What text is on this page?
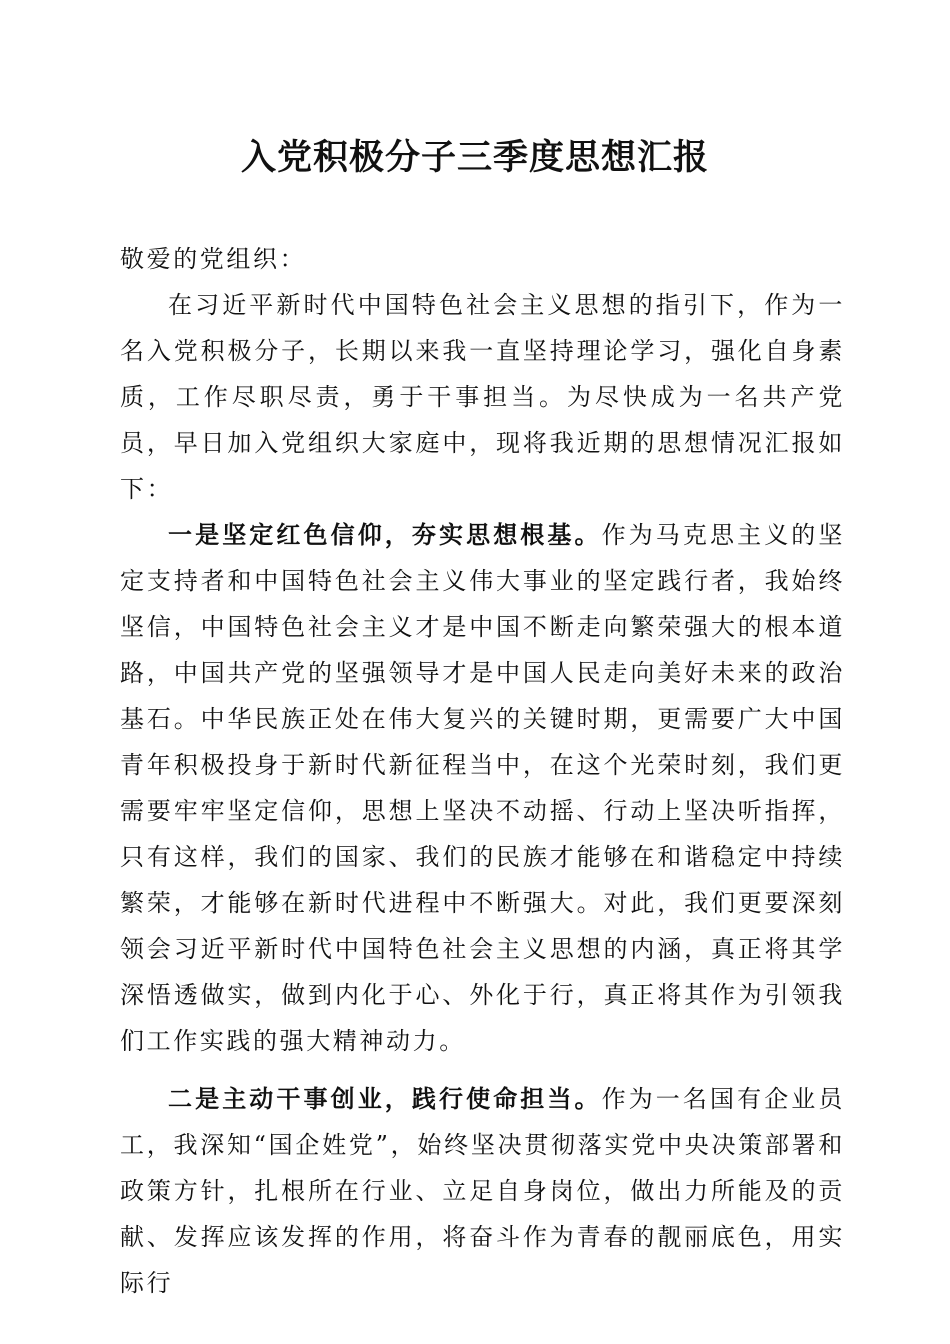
入党积极分子三季度思想汇报

敬爱的党组织：

在习近平新时代中国特色社会主义思想的指引下，作为一名入党积极分子，长期以来我一直坚持理论学习，强化自身素质，工作尽职尽责，勇于干事担当。为尽快成为一名共产党员，早日加入党组织大家庭中，现将我近期的思想情况汇报如下：

一是坚定红色信仰，夯实思想根基。作为马克思主义的坚定支持者和中国特色社会主义伟大事业的坚定践行者，我始终坚信，中国特色社会主义才是中国不断走向繁荣强大的根本道路，中国共产党的坚强领导才是中国人民走向美好未来的政治基石。中华民族正处在伟大复兴的关键时期，更需要广大中国青年积极投身于新时代新征程当中，在这个光荣时刻，我们更需要牢牢坚定信仰，思想上坚决不动摇、行动上坚决听指挥，只有这样，我们的国家、我们的民族才能够在和谐稳定中持续繁荣，才能够在新时代进程中不断强大。对此，我们更要深刻领会习近平新时代中国特色社会主义思想的内涵，真正将其学深悟透做实，做到内化于心、外化于行，真正将其作为引领我们工作实践的强大精神动力。

二是主动干事创业，践行使命担当。作为一名国有企业员工，我深知“国企姓党”，始终坚决贯彻落实党中央决策部署和政策方针，扎根所在行业、立足自身岗位，做出力所能及的贡献、发挥应该发挥的作用，将奋斗作为青春的靓丽底色，用实际行
